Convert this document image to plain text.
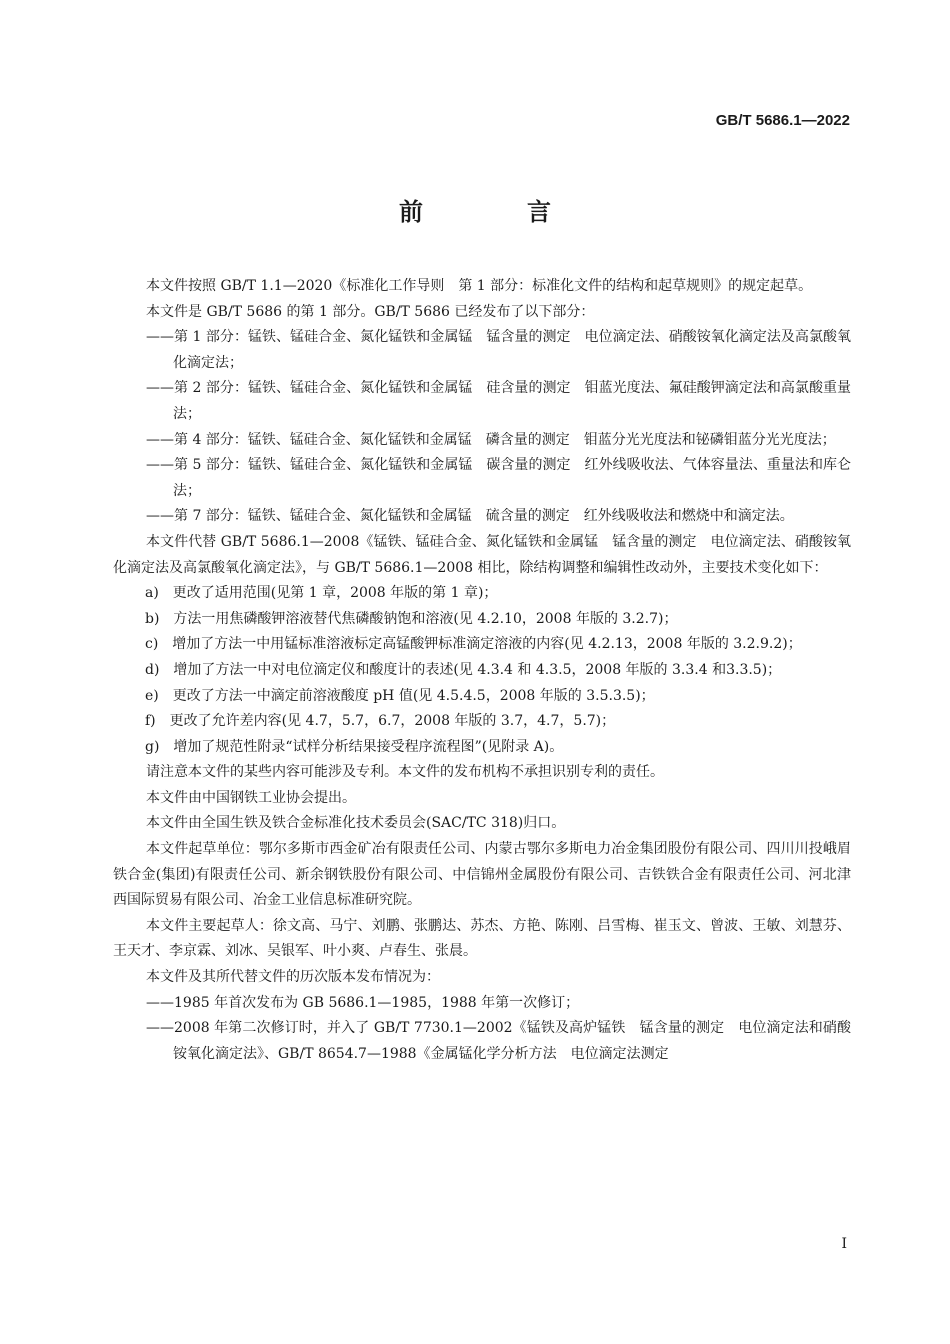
GB/T 5686.1—2022
前　言

本文件按照 GB/T 1.1—2020《标准化工作导则　第 1 部分：标准化文件的结构和起草规则》的规定起草。

本文件是 GB/T 5686 的第 1 部分。GB/T 5686 已经发布了以下部分：

——第 1 部分：锰铁、锰硅合金、氮化锰铁和金属锰　锰含量的测定　电位滴定法、硝酸铵氧化滴定法及高氯酸氧化滴定法；

——第 2 部分：锰铁、锰硅合金、氮化锰铁和金属锰　硅含量的测定　钼蓝光度法、氟硅酸钾滴定法和高氯酸重量法；

——第 4 部分：锰铁、锰硅合金、氮化锰铁和金属锰　磷含量的测定　钼蓝分光光度法和铋磷钼蓝分光光度法；

——第 5 部分：锰铁、锰硅合金、氮化锰铁和金属锰　碳含量的测定　红外线吸收法、气体容量法、重量法和库仑法；

——第 7 部分：锰铁、锰硅合金、氮化锰铁和金属锰　硫含量的测定　红外线吸收法和燃烧中和滴定法。

本文件代替 GB/T 5686.1—2008《锰铁、锰硅合金、氮化锰铁和金属锰　锰含量的测定　电位滴定法、硝酸铵氧化滴定法及高氯酸氧化滴定法》，与 GB/T 5686.1—2008 相比，除结构调整和编辑性改动外，主要技术变化如下：

a)　更改了适用范围(见第 1 章，2008 年版的第 1 章)；

b)　方法一用焦磷酸钾溶液替代焦磷酸钠饱和溶液(见 4.2.10，2008 年版的 3.2.7)；

c)　增加了方法一中用锰标准溶液标定高锰酸钾标准滴定溶液的内容(见 4.2.13，2008 年版的 3.2.9.2)；

d)　增加了方法一中对电位滴定仪和酸度计的表述(见 4.3.4 和 4.3.5，2008 年版的 3.3.4 和3.3.5)；

e)　更改了方法一中滴定前溶液酸度 pH 值(见 4.5.4.5，2008 年版的 3.5.3.5)；

f)　更改了允许差内容(见 4.7，5.7，6.7，2008 年版的 3.7，4.7，5.7)；

g)　增加了规范性附录“试样分析结果接受程序流程图”(见附录 A)。

请注意本文件的某些内容可能涉及专利。本文件的发布机构不承担识别专利的责任。

本文件由中国钢铁工业协会提出。

本文件由全国生铁及铁合金标准化技术委员会(SAC/TC 318)归口。

本文件起草单位：鄂尔多斯市西金矿冶有限责任公司、内蒙古鄂尔多斯电力冶金集团股份有限公司、四川川投峨眉铁合金(集团)有限责任公司、新余钢铁股份有限公司、中信锦州金属股份有限公司、吉铁铁合金有限责任公司、河北津西国际贸易有限公司、冶金工业信息标准研究院。

本文件主要起草人：徐文高、马宁、刘鹏、张鹏达、苏杰、方艳、陈刚、吕雪梅、崔玉文、曾波、王敏、刘慧芬、王天才、李京霖、刘冰、吴银军、叶小爽、卢春生、张晨。

本文件及其所代替文件的历次版本发布情况为：

——1985 年首次发布为 GB 5686.1—1985，1988 年第一次修订；

——2008 年第二次修订时，并入了 GB/T 7730.1—2002《锰铁及高炉锰铁　锰含量的测定　电位滴定法和硝酸铵氧化滴定法》、GB/T 8654.7—1988《金属锰化学分析方法　电位滴定法测定

I
